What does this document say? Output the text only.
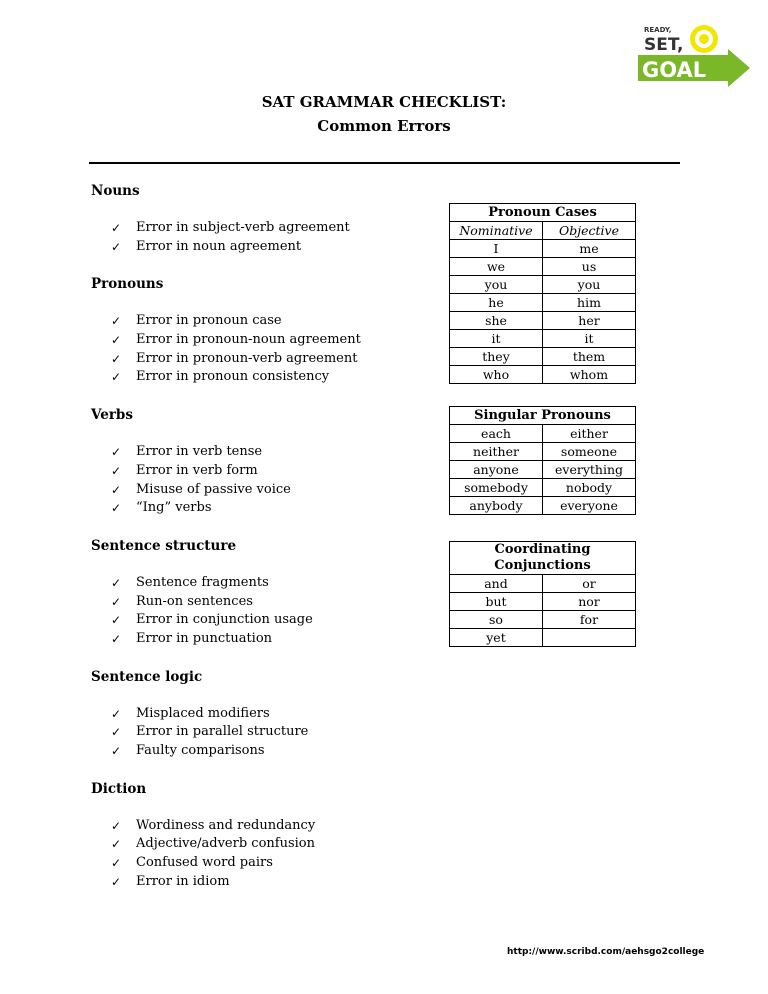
READY,
SET,
GOAL
SAT GRAMMAR CHECKLIST:
Common Errors
Nouns
✓ Error in subject-verb agreement
✓ Error in noun agreement
Pronouns
✓ Error in pronoun case
✓ Error in pronoun-noun agreement
✓ Error in pronoun-verb agreement
✓ Error in pronoun consistency
Verbs
✓ Error in verb tense
✓ Error in verb form
✓ Misuse of passive voice
✓ “Ing” verbs
Sentence structure
✓ Sentence fragments
✓ Run-on sentences
✓ Error in conjunction usage
✓ Error in punctuation
Sentence logic
✓ Misplaced modifiers
✓ Error in parallel structure
✓ Faulty comparisons
Diction
✓ Wordiness and redundancy
✓ Adjective/adverb confusion
✓ Confused word pairs
✓ Error in idiom
Pronoun Cases	
Nominative	Objective
I	me
we	us
you	you
he	him
she	her
it	it
they	them
who	whom
Singular Pronouns	
each	either
neither	someone
anyone	everything
somebody	nobody
anybody	everyone
Coordinating Conjunctions	
and	or
but	nor
so	for
yet	
http://www.scribd.com/aehsgo2college
